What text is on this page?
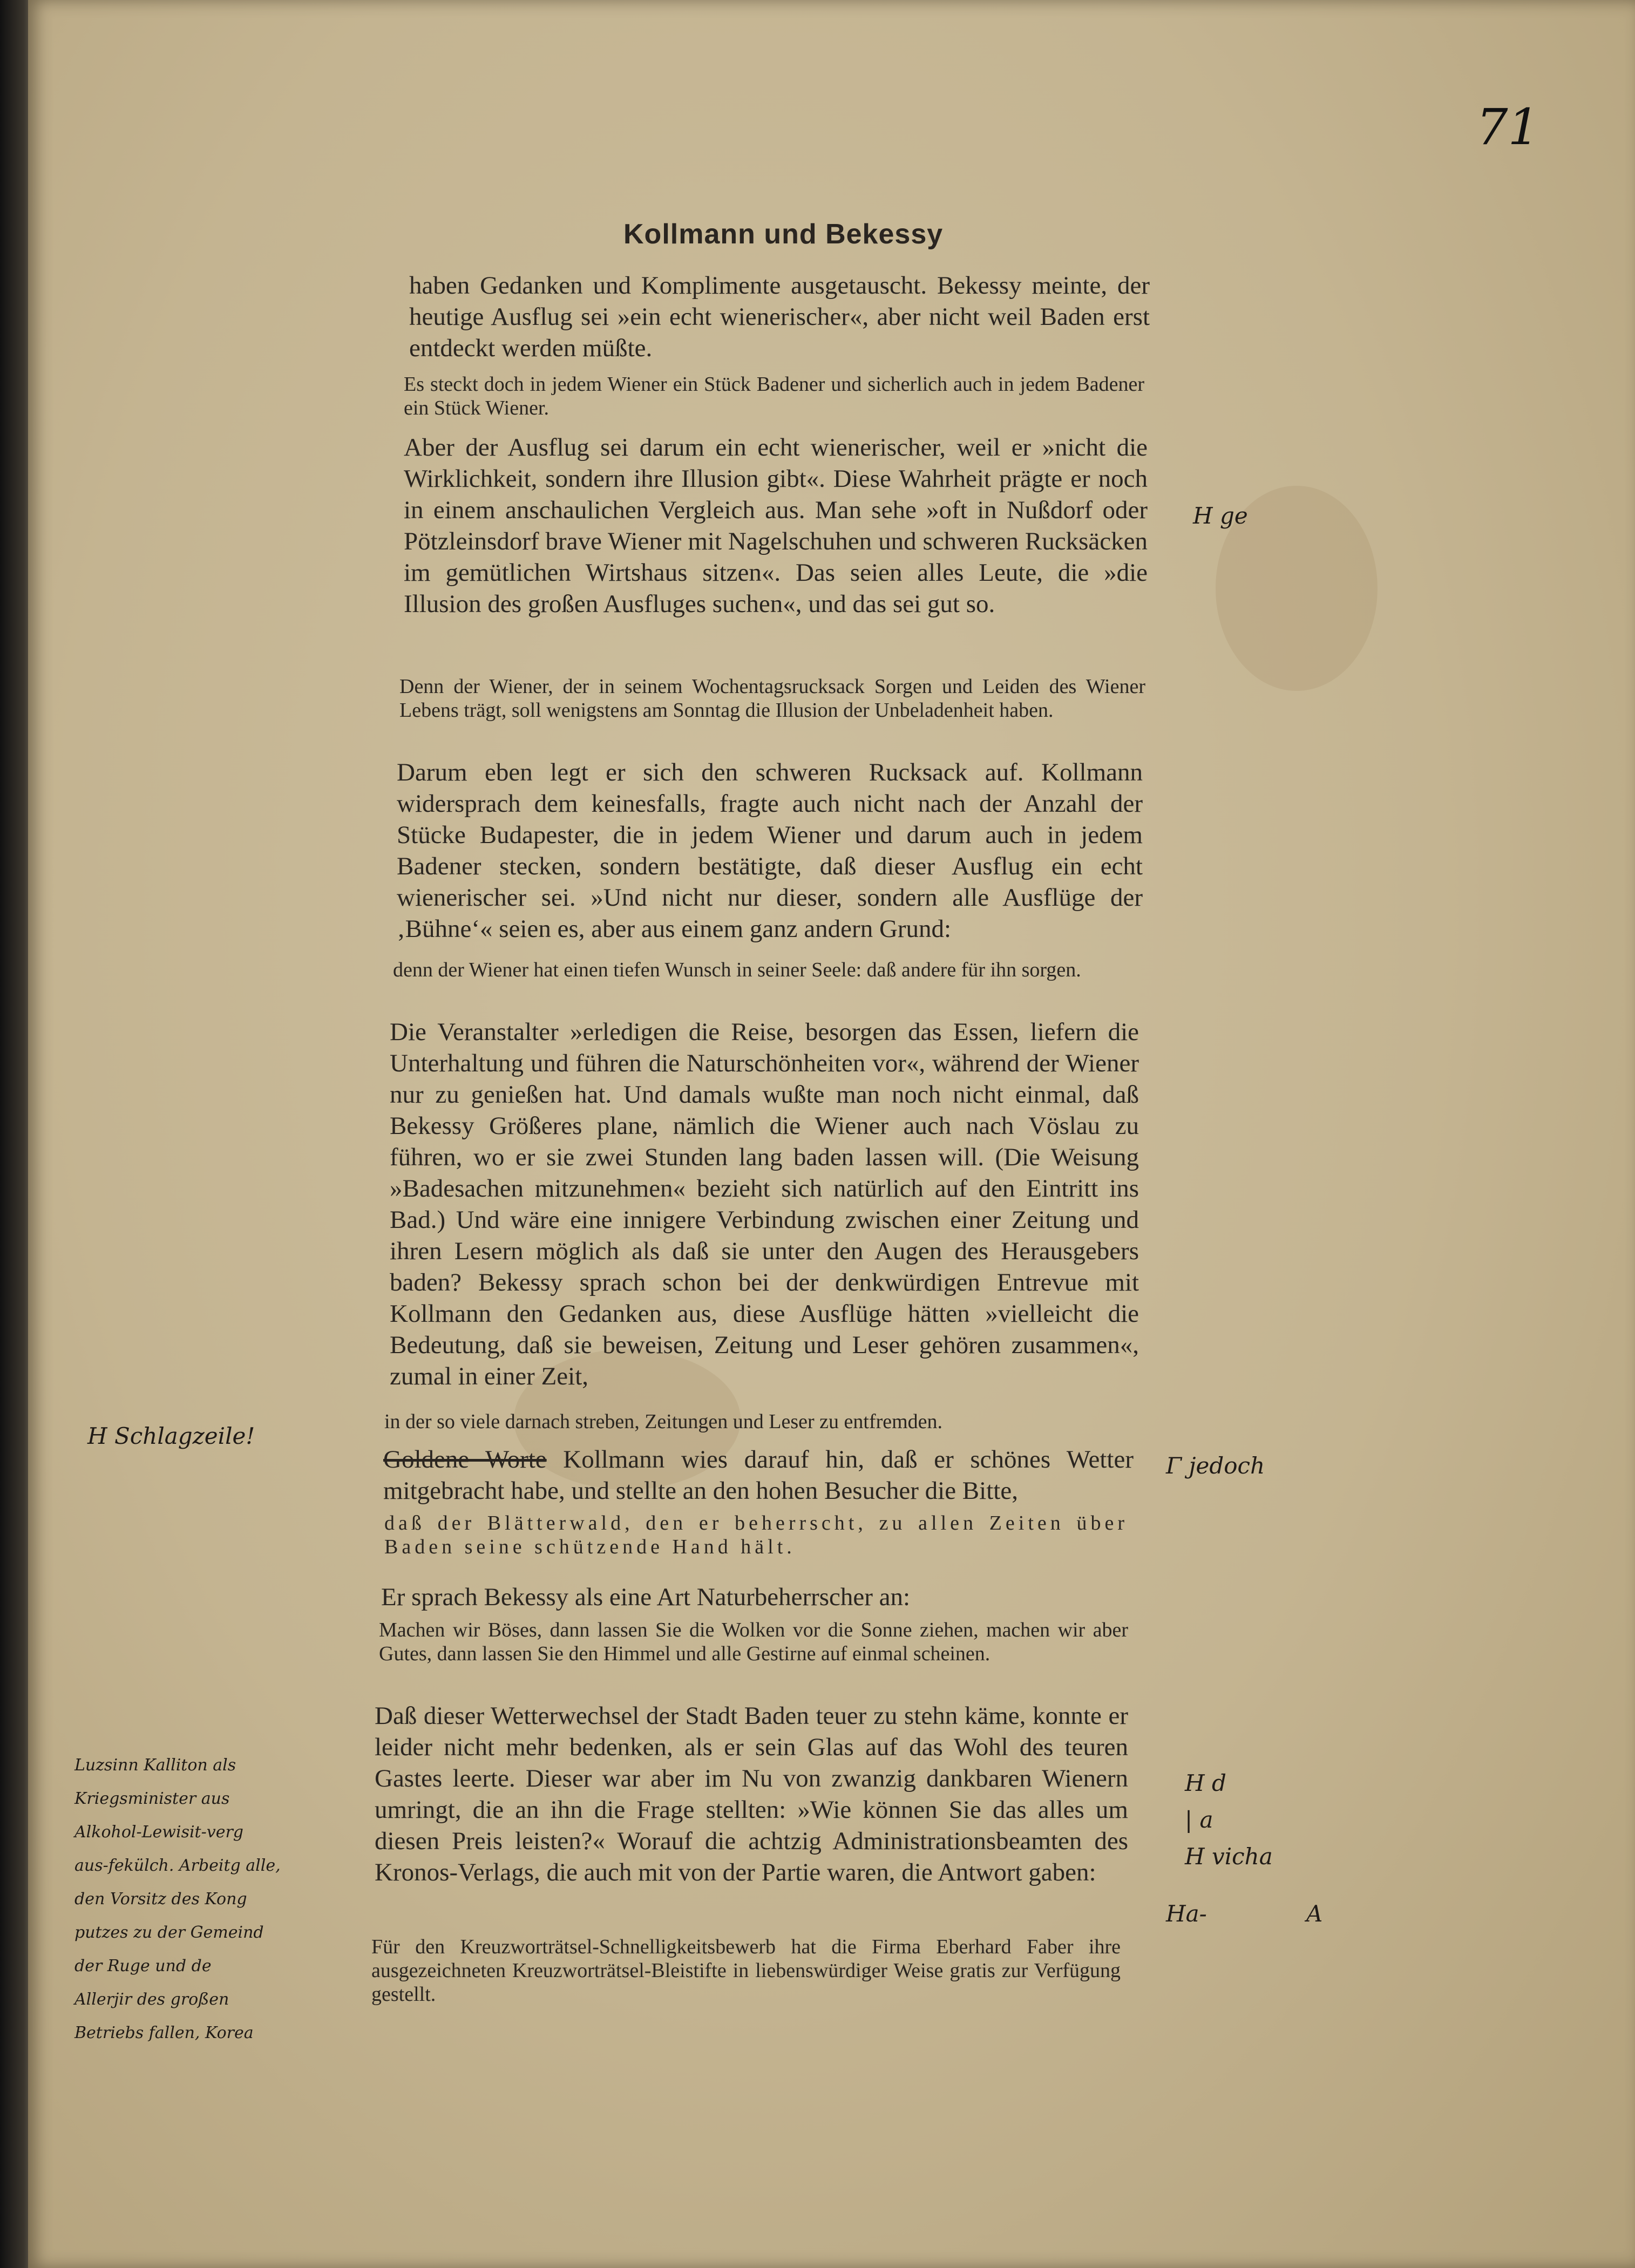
71
Kollmann und Bekessy

haben Gedanken und Komplimente ausgetauscht. Bekessy meinte, der heutige Ausflug sei »ein echt wienerischer«, aber nicht weil Baden erst entdeckt werden müßte.

Es steckt doch in jedem Wiener ein Stück Badener und sicherlich auch in jedem Badener ein Stück Wiener.

Aber der Ausflug sei darum ein echt wienerischer, weil er »nicht die Wirklichkeit, sondern ihre Illusion gibt«. Diese Wahrheit prägte er noch in einem anschaulichen Vergleich aus. Man sehe »oft in Nußdorf oder Pötzleinsdorf brave Wiener mit Nagelschuhen und schweren Rucksäcken im gemütlichen Wirtshaus sitzen«. Das seien alles Leute, die »die Illusion des großen Ausfluges suchen«, und das sei gut so.

Denn der Wiener, der in seinem Wochentagsrucksack Sorgen und Leiden des Wiener Lebens trägt, soll wenigstens am Sonntag die Illusion der Unbeladenheit haben.

Darum eben legt er sich den schweren Rucksack auf. Kollmann widersprach dem keinesfalls, fragte auch nicht nach der Anzahl der Stücke Budapester, die in jedem Wiener und darum auch in jedem Badener stecken, sondern bestätigte, daß dieser Ausflug ein echt wienerischer sei. »Und nicht nur dieser, sondern alle Ausflüge der ‚Bühne‘« seien es, aber aus einem ganz andern Grund:

denn der Wiener hat einen tiefen Wunsch in seiner Seele: daß andere für ihn sorgen.

Die Veranstalter »erledigen die Reise, besorgen das Essen, liefern die Unterhaltung und führen die Naturschönheiten vor«, während der Wiener nur zu genießen hat. Und damals wußte man noch nicht einmal, daß Bekessy Größeres plane, nämlich die Wiener auch nach Vöslau zu führen, wo er sie zwei Stunden lang baden lassen will. (Die Weisung »Badesachen mitzunehmen« bezieht sich natürlich auf den Eintritt ins Bad.) Und wäre eine innigere Verbindung zwischen einer Zeitung und ihren Lesern möglich als daß sie unter den Augen des Herausgebers baden? Bekessy sprach schon bei der denkwürdigen Entrevue mit Kollmann den Gedanken aus, diese Ausflüge hätten »vielleicht die Bedeutung, daß sie beweisen, Zeitung und Leser gehören zusammen«, zumal in einer Zeit,

in der so viele darnach streben, Zeitungen und Leser zu entfremden.

Goldene Worte Kollmann wies darauf hin, daß er schönes Wetter mitgebracht habe, und stellte an den hohen Besucher die Bitte,

daß der Blätterwald, den er beherrscht, zu allen Zeiten über Baden seine schützende Hand hält.

Er sprach Bekessy als eine Art Naturbeherrscher an:

Machen wir Böses, dann lassen Sie die Wolken vor die Sonne ziehen, machen wir aber Gutes, dann lassen Sie den Himmel und alle Gestirne auf einmal scheinen.

Daß dieser Wetterwechsel der Stadt Baden teuer zu stehn käme, konnte er leider nicht mehr bedenken, als er sein Glas auf das Wohl des teuren Gastes leerte. Dieser war aber im Nu von zwanzig dankbaren Wienern umringt, die an ihn die Frage stellten: »Wie können Sie das alles um diesen Preis leisten?« Worauf die achtzig Administrationsbeamten des Kronos-Verlags, die auch mit von der Partie waren, die Antwort gaben:

Für den Kreuzworträtsel-Schnelligkeitsbewerb hat die Firma Eberhard Faber ihre ausgezeichneten Kreuzworträtsel-Bleistifte in liebenswürdiger Weise gratis zur Verfügung gestellt.

H ge
H Schlagzeile!
Γ jedoch
H d
| a
H vicha
Ha-	A
Luzsinn Kalliton als
Kriegsminister aus
Alkohol-Lewisit-verg
aus-fekülch. Arbeitg alle,
den Vorsitz des Kong
putzes zu der Gemeind
der Ruge und de
Allerjir des großen
Betriebs fallen, Korea
